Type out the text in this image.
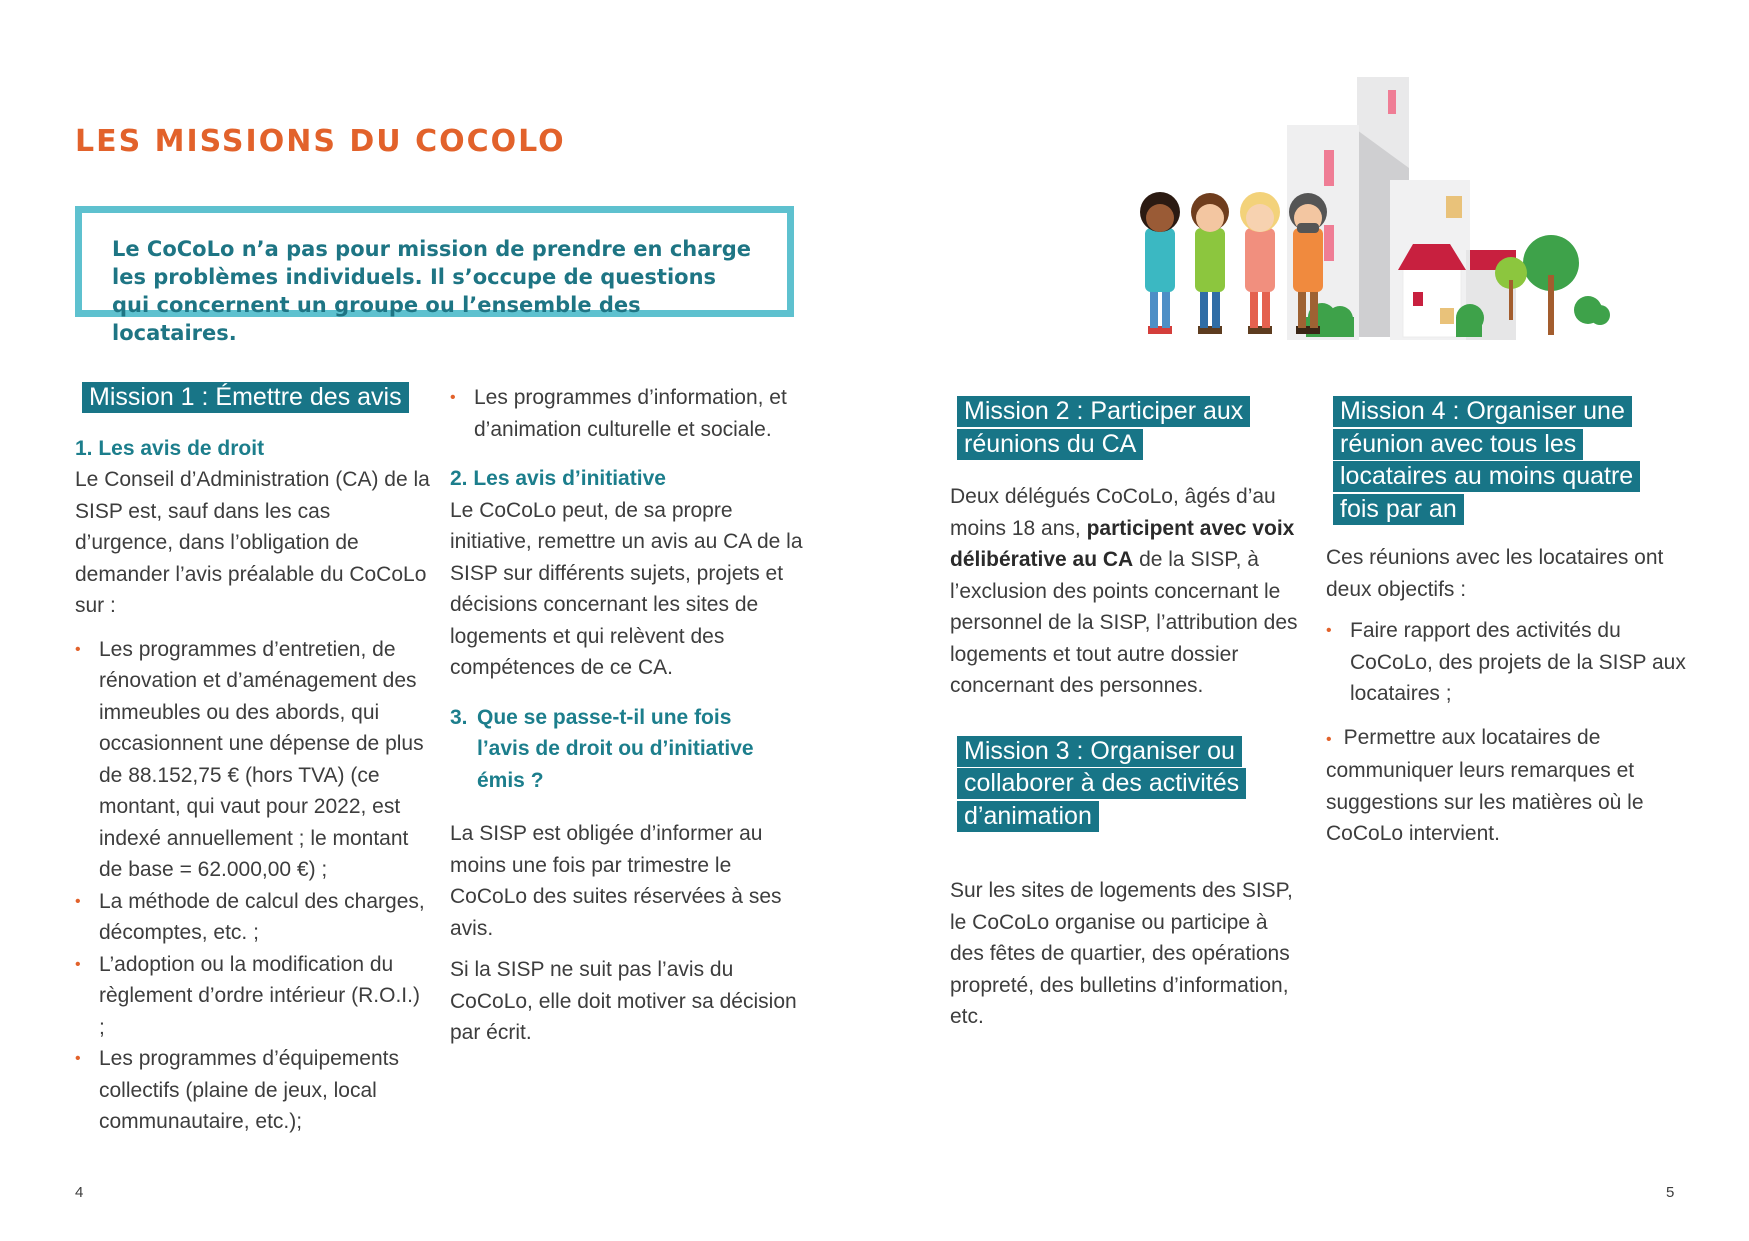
LES MISSIONS DU COCOLO

Le CoCoLo n’a pas pour mission de prendre en charge les problèmes individuels. Il s’occupe de questions qui concernent un groupe ou l’ensemble des locataires.

Mission 1 : Émettre des avis

1. Les avis de droit

Le Conseil d’Administration (CA) de la SISP est, sauf dans les cas d’urgence, dans l’obligation de demander l’avis préalable du CoCoLo sur :

• Les programmes d’entretien, de rénovation et d’aménagement des immeubles ou des abords, qui occasionnent une dépense de plus de 88.152,75 € (hors TVA) (ce montant, qui vaut pour 2022, est indexé annuellement ; le montant de base = 62.000,00 €) ;
• La méthode de calcul des charges, décomptes, etc. ;
• L’adoption ou la modification du règlement d’ordre intérieur (R.O.I.) ;
• Les programmes d’équipements collectifs (plaine de jeux, local communautaire, etc.);
• Les programmes d’information, et d’animation culturelle et sociale.

2. Les avis d’initiative

Le CoCoLo peut, de sa propre initiative, remettre un avis au CA de la SISP sur différents sujets, projets et décisions concernant les sites de logements et qui relèvent des compétences de ce CA.

3. Que se passe-t-il une fois l’avis de droit ou d’initiative émis ?

La SISP est obligée d’informer au moins une fois par trimestre le CoCoLo des suites réservées à ses avis.

Si la SISP ne suit pas l’avis du CoCoLo, elle doit motiver sa décision par écrit.

Mission 2 : Participer aux réunions du CA

Deux délégués CoCoLo, âgés d’au moins 18 ans, participent avec voix délibérative au CA de la SISP, à l’exclusion des points concernant le personnel de la SISP, l’attribution des logements et tout autre dossier concernant des personnes.

Mission 3 : Organiser ou collaborer à des activités d’animation

Sur les sites de logements des SISP, le CoCoLo organise ou participe à des fêtes de quartier, des opérations propreté, des bulletins d’information, etc.

Mission 4 : Organiser une réunion avec tous les locataires au moins quatre fois par an

Ces réunions avec les locataires ont deux objectifs :

• Faire rapport des activités du CoCoLo, des projets de la SISP aux locataires ;
• Permettre aux locataires de communiquer leurs remarques et suggestions sur les matières où le CoCoLo intervient.
4	5
